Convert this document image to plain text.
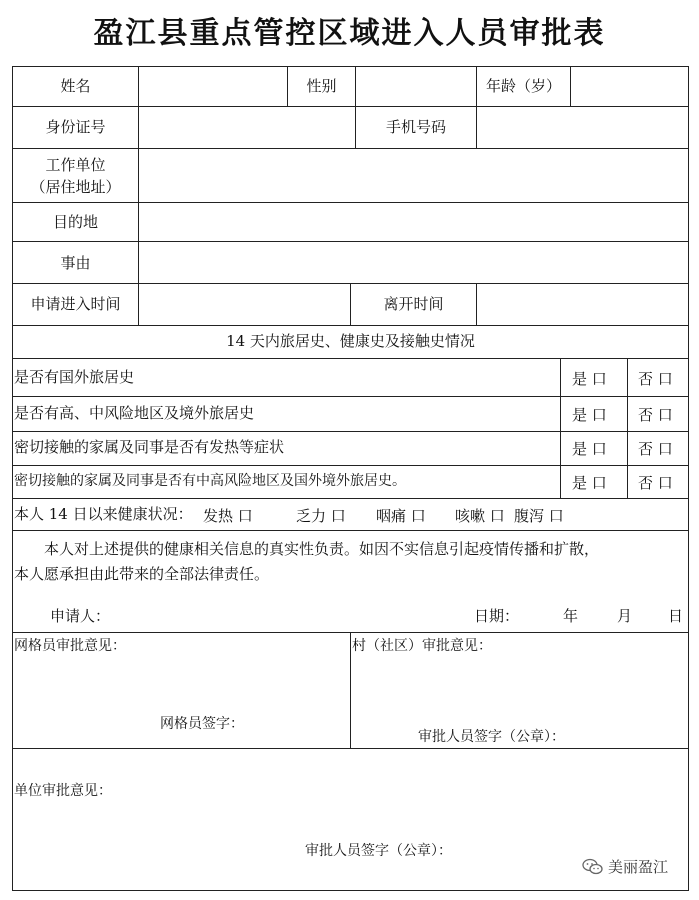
盈江县重点管控区域进入人员审批表
姓名	性别	年龄（岁）
身份证号	手机号码
工作单位
（居住地址）
目的地
事由
申请进入时间	离开时间
14 天内旅居史、健康史及接触史情况
是否有国外旅居史	是 口 否 口
是否有高、中风险地区及境外旅居史	是 口 否 口
密切接触的家属及同事是否有发热等症状	是 口 否 口
密切接触的家属及同事是否有中高风险地区及国外境外旅居史。	是 口 否 口
本人 14 日以来健康状况： 发热 口	乏力 口 咽痛 口 咳嗽 口 腹泻 口
本人对上述提供的健康相关信息的真实性负责。如因不实信息引起疫情传播和扩散，
本人愿承担由此带来的全部法律责任。
申请人：	日期：	年	月 日
网格员审批意见：
网格员签字：
村（社区）审批意见：
审批人员签字（公章）：
单位审批意见：
审批人员签字（公章）：
美丽盈江
